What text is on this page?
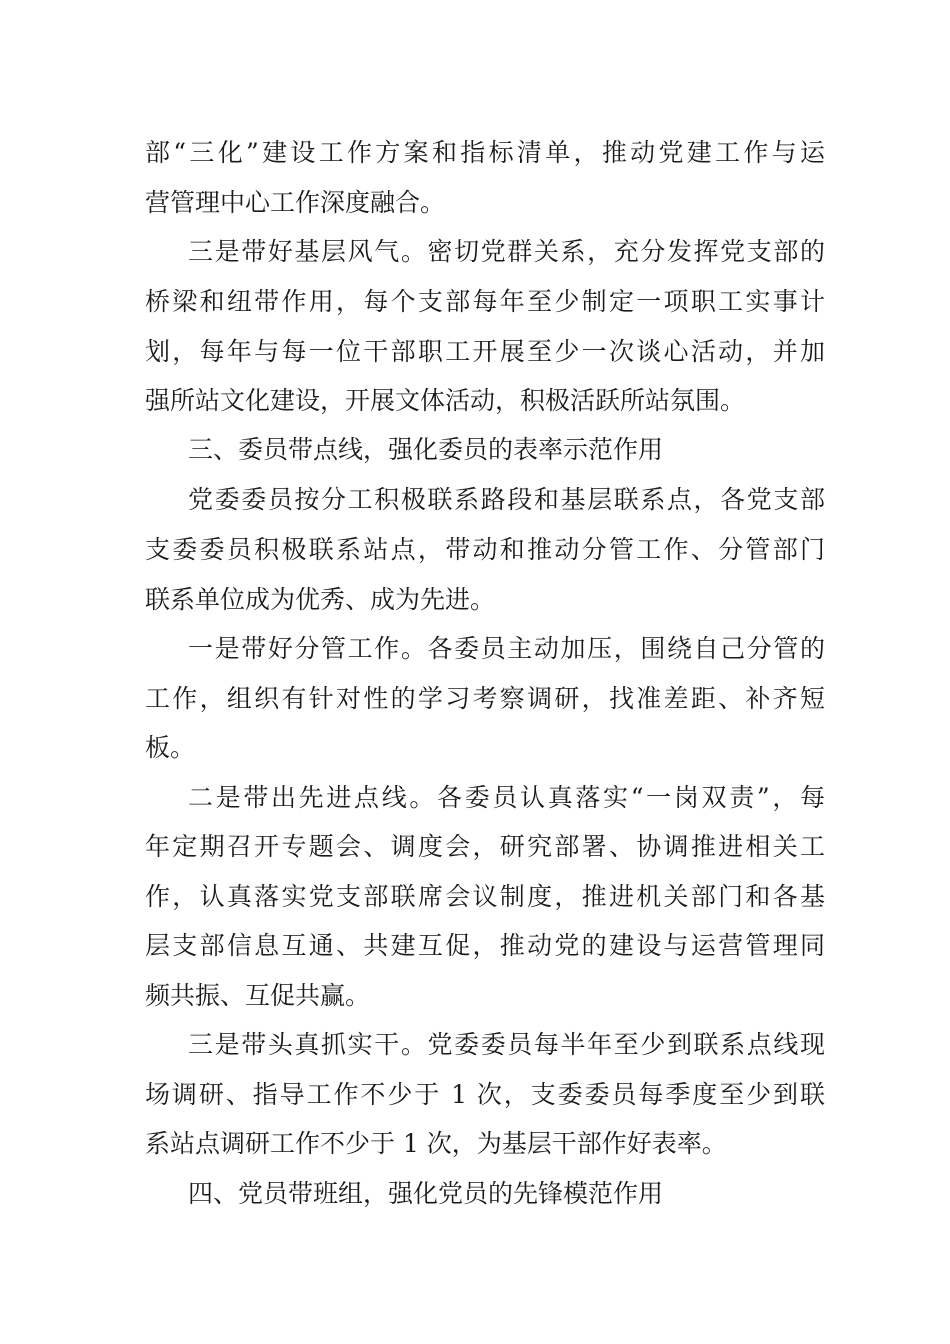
部“三化”建设工作方案和指标清单，推动党建工作与运
营管理中心工作深度融合。
三是带好基层风气。密切党群关系，充分发挥党支部的
桥梁和纽带作用，每个支部每年至少制定一项职工实事计
划，每年与每一位干部职工开展至少一次谈心活动，并加
强所站文化建设，开展文体活动，积极活跃所站氛围。
三、委员带点线，强化委员的表率示范作用
党委委员按分工积极联系路段和基层联系点，各党支部
支委委员积极联系站点，带动和推动分管工作、分管部门
联系单位成为优秀、成为先进。
一是带好分管工作。各委员主动加压，围绕自己分管的
工作，组织有针对性的学习考察调研，找准差距、补齐短
板。
二是带出先进点线。各委员认真落实“一岗双责”，每
年定期召开专题会、调度会，研究部署、协调推进相关工
作，认真落实党支部联席会议制度，推进机关部门和各基
层支部信息互通、共建互促，推动党的建设与运营管理同
频共振、互促共赢。
三是带头真抓实干。党委委员每半年至少到联系点线现
场调研、指导工作不少于 1 次，支委委员每季度至少到联
系站点调研工作不少于 1 次，为基层干部作好表率。
四、党员带班组，强化党员的先锋模范作用
